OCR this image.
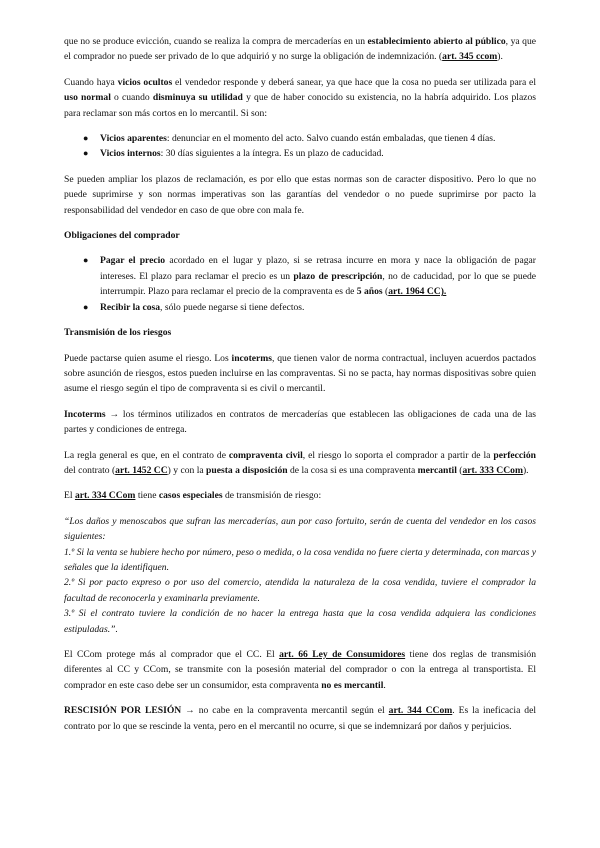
que no se produce evicción, cuando se realiza la compra de mercaderías en un establecimiento abierto al público, ya que el comprador no puede ser privado de lo que adquirió y no surge la obligación de indemnización. (art. 345 ccom).

Cuando haya vicios ocultos el vendedor responde y deberá sanear, ya que hace que la cosa no pueda ser utilizada para el uso normal o cuando disminuya su utilidad y que de haber conocido su existencia, no la habría adquirido. Los plazos para reclamar son más cortos en lo mercantil. Si son:

● Vicios aparentes: denunciar en el momento del acto. Salvo cuando están embaladas, que tienen 4 días.
● Vicios internos: 30 días siguientes a la íntegra. Es un plazo de caducidad.

Se pueden ampliar los plazos de reclamación, es por ello que estas normas son de caracter dispositivo. Pero lo que no puede suprimirse y son normas imperativas son las garantías del vendedor o no puede suprimirse por pacto la responsabilidad del vendedor en caso de que obre con mala fe.

Obligaciones del comprador
● Pagar el precio acordado en el lugar y plazo, si se retrasa incurre en mora y nace la obligación de pagar intereses. El plazo para reclamar el precio es un plazo de prescripción, no de caducidad, por lo que se puede interrumpir. Plazo para reclamar el precio de la compraventa es de 5 años (art. 1964 CC).
● Recibir la cosa, sólo puede negarse si tiene defectos.
Transmisión de los riesgos

Puede pactarse quien asume el riesgo. Los incoterms, que tienen valor de norma contractual, incluyen acuerdos pactados sobre asunción de riesgos, estos pueden incluirse en las compraventas. Si no se pacta, hay normas dispositivas sobre quien asume el riesgo según el tipo de compraventa si es civil o mercantil.

Incoterms → los términos utilizados en contratos de mercaderías que establecen las obligaciones de cada una de las partes y condiciones de entrega.

La regla general es que, en el contrato de compraventa civil, el riesgo lo soporta el comprador a partir de la perfección del contrato (art. 1452 CC) y con la puesta a disposición de la cosa si es una compraventa mercantil (art. 333 CCom).

El art. 334 CCom tiene casos especiales de transmisión de riesgo:

“Los daños y menoscabos que sufran las mercaderías, aun por caso fortuito, serán de cuenta del vendedor en los casos siguientes:
1.º Si la venta se hubiere hecho por número, peso o medida, o la cosa vendida no fuere cierta y determinada, con marcas y señales que la identifiquen.
2.º Si por pacto expreso o por uso del comercio, atendida la naturaleza de la cosa vendida, tuviere el comprador la facultad de reconocerla y examinarla previamente.
3.º Si el contrato tuviere la condición de no hacer la entrega hasta que la cosa vendida adquiera las condiciones estipuladas.”.

El CCom protege más al comprador que el CC. El art. 66 Ley de Consumidores tiene dos reglas de transmisión diferentes al CC y CCom, se transmite con la posesión material del comprador o con la entrega al transportista. El comprador en este caso debe ser un consumidor, esta compraventa no es mercantil.

RESCISIÓN POR LESIÓN → no cabe en la compraventa mercantil según el art. 344 CCom. Es la ineficacia del contrato por lo que se rescinde la venta, pero en el mercantil no ocurre, si que se indemnizará por daños y perjuicios.
